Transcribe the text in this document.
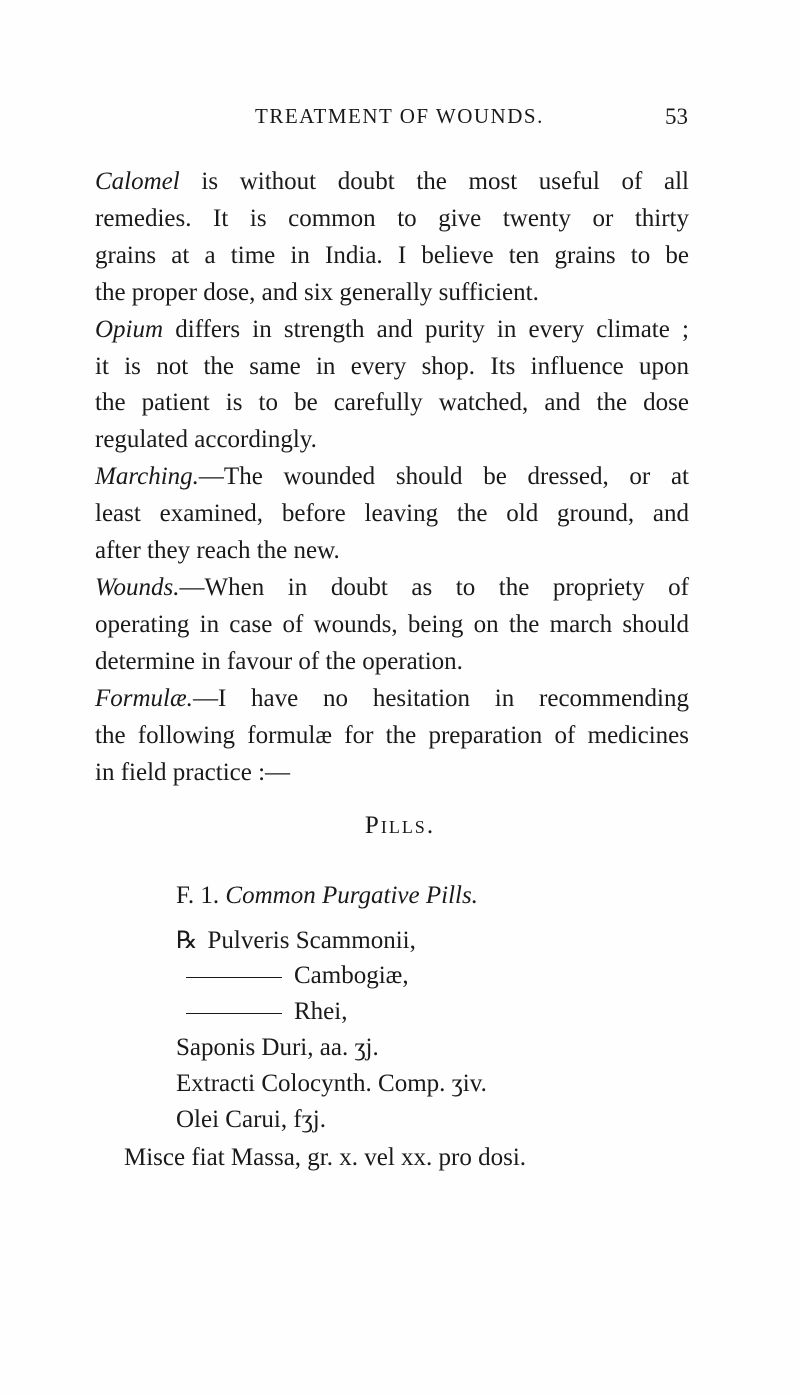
TREATMENT OF WOUNDS.	53

Calomel is without doubt the most useful of all
remedies. It is common to give twenty or thirty
grains at a time in India. I believe ten grains to be
the proper dose, and six generally sufficient.

Opium differs in strength and purity in every climate ;
it is not the same in every shop. Its influence upon
the patient is to be carefully watched, and the dose
regulated accordingly.

Marching.—The wounded should be dressed, or at
least examined, before leaving the old ground, and
after they reach the new.

Wounds.—When in doubt as to the propriety of
operating in case of wounds, being on the march should
determine in favour of the operation.

Formulæ.—I have no hesitation in recommending
the following formulæ for the preparation of medicines
in field practice :—

Pills.
F. 1. Common Purgative Pills.
℞ Pulveris Scammonii,
Cambogiæ,
Rhei,
Saponis Duri, aa. ʒj.
Extracti Colocynth. Comp. ʒiv.
Olei Carui, fʒj.
Misce fiat Massa, gr. x. vel xx. pro dosi.
